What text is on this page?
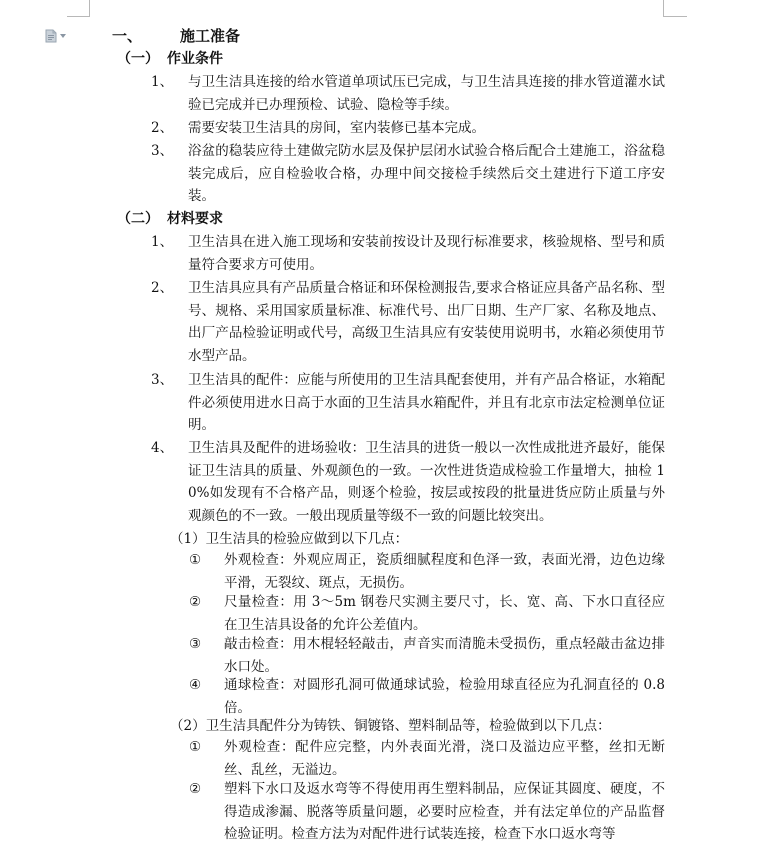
一、	施工准备
（一） 作业条件
1、 与卫生洁具连接的给水管道单项试压已完成，与卫生洁具连接的排水管道灌水试验已完成并已办理预检、试验、隐检等手续。
2、 需要安装卫生洁具的房间，室内装修已基本完成。
3、 浴盆的稳装应待土建做完防水层及保护层闭水试验合格后配合土建施工，浴盆稳装完成后，应自检验收合格，办理中间交接检手续然后交土建进行下道工序安装。
（二） 材料要求
1、 卫生洁具在进入施工现场和安装前按设计及现行标准要求，核验规格、型号和质量符合要求方可使用。
2、 卫生洁具应具有产品质量合格证和环保检测报告,要求合格证应具备产品名称、型号、规格、采用国家质量标准、标准代号、出厂日期、生产厂家、名称及地点、出厂产品检验证明或代号，高级卫生洁具应有安装使用说明书，水箱必须使用节水型产品。
3、 卫生洁具的配件：应能与所使用的卫生洁具配套使用，并有产品合格证，水箱配件必须使用进水日高于水面的卫生洁具水箱配件，并且有北京市法定检测单位证明。
4、 卫生洁具及配件的进场验收：卫生洁具的进货一般以一次性成批进齐最好，能保证卫生洁具的质量、外观颜色的一致。一次性进货造成检验工作量增大，抽检 10%如发现有不合格产品，则逐个检验，按层或按段的批量进货应防止质量与外观颜色的不一致。一般出现质量等级不一致的问题比较突出。
（1）卫生洁具的检验应做到以下几点：
① 外观检查：外观应周正，瓷质细腻程度和色泽一致，表面光滑，边色边缘平滑，无裂纹、斑点，无损伤。
② 尺量检查：用 3～5m 钢卷尺实测主要尺寸，长、宽、高、下水口直径应在卫生洁具设备的允许公差值内。
③ 敲击检查：用木棍轻轻敲击，声音实而清脆未受损伤，重点轻敲击盆边排水口处。
④ 通球检查：对圆形孔洞可做通球试验，检验用球直径应为孔洞直径的 0.8 倍。
（2）卫生洁具配件分为铸铁、铜镀铬、塑料制品等，检验做到以下几点：
① 外观检查：配件应完整，内外表面光滑，浇口及溢边应平整，丝扣无断丝、乱丝，无溢边。
② 塑料下水口及返水弯等不得使用再生塑料制品，应保证其圆度、硬度，不得造成渗漏、脱落等质量问题，必要时应检查，并有法定单位的产品监督检验证明。检查方法为对配件进行试装连接，检查下水口返水弯等
